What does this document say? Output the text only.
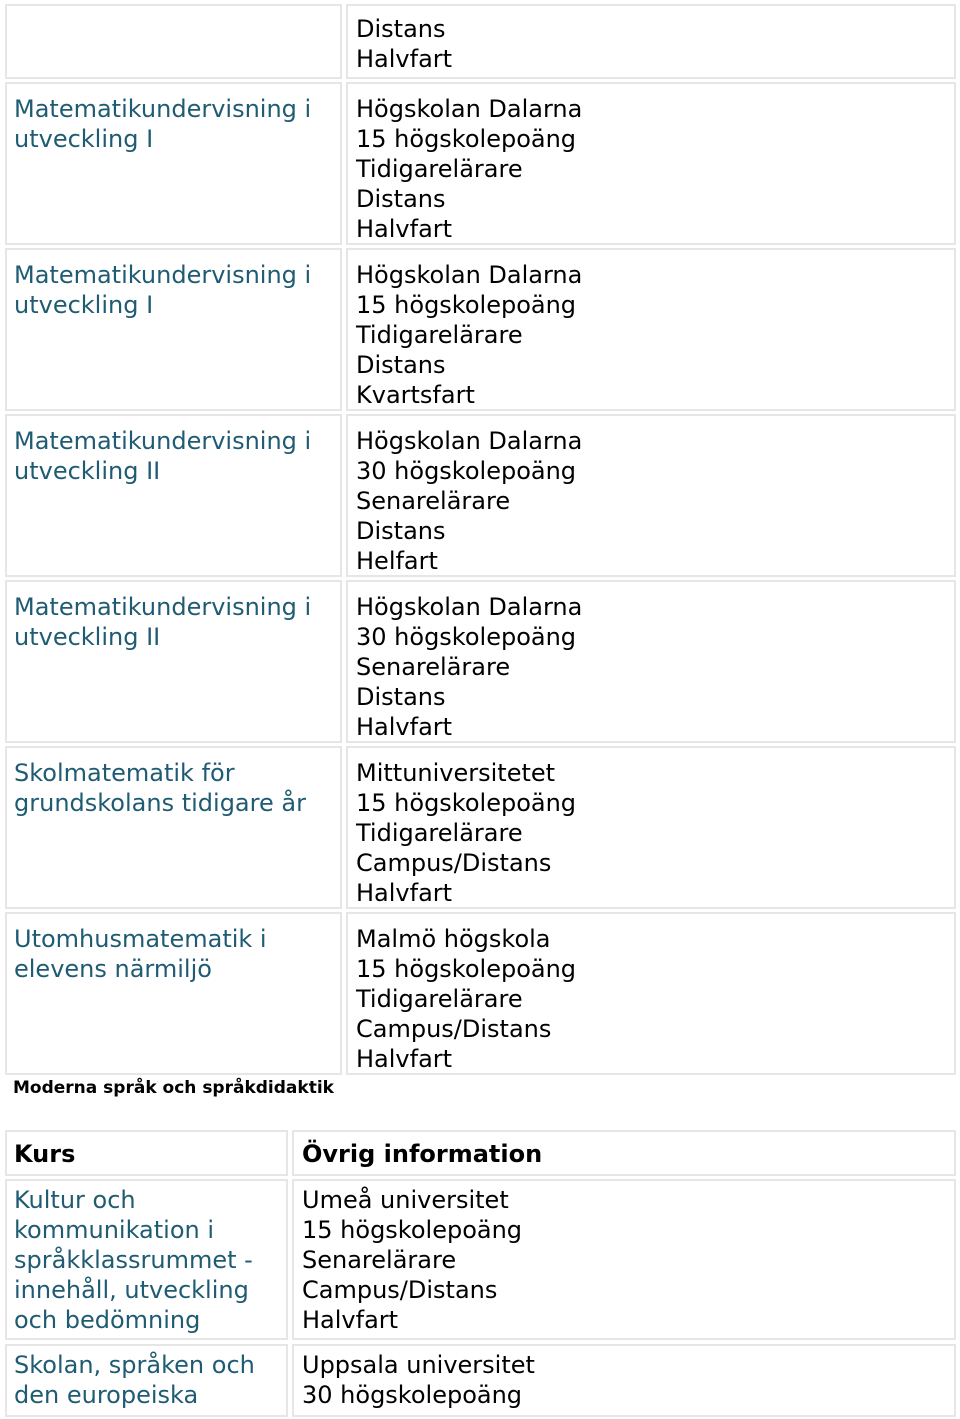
Distans
Halvfart
Matematikundervisning i
utveckling I
Högskolan Dalarna
15 högskolepoäng
Tidigarelärare
Distans
Halvfart
Matematikundervisning i
utveckling I
Högskolan Dalarna
15 högskolepoäng
Tidigarelärare
Distans
Kvartsfart
Matematikundervisning i
utveckling II
Högskolan Dalarna
30 högskolepoäng
Senarelärare
Distans
Helfart
Matematikundervisning i
utveckling II
Högskolan Dalarna
30 högskolepoäng
Senarelärare
Distans
Halvfart
Skolmatematik för
grundskolans tidigare år
Mittuniversitetet
15 högskolepoäng
Tidigarelärare
Campus/Distans
Halvfart
Utomhusmatematik i
elevens närmiljö
Malmö högskola
15 högskolepoäng
Tidigarelärare
Campus/Distans
Halvfart
Moderna språk och språkdidaktik
Kurs	Övrig information
Kultur och
kommunikation i
språkklassrummet -
innehåll, utveckling
och bedömning
Umeå universitet
15 högskolepoäng
Senarelärare
Campus/Distans
Halvfart
Skolan, språken och
den europeiska
Uppsala universitet
30 högskolepoäng
